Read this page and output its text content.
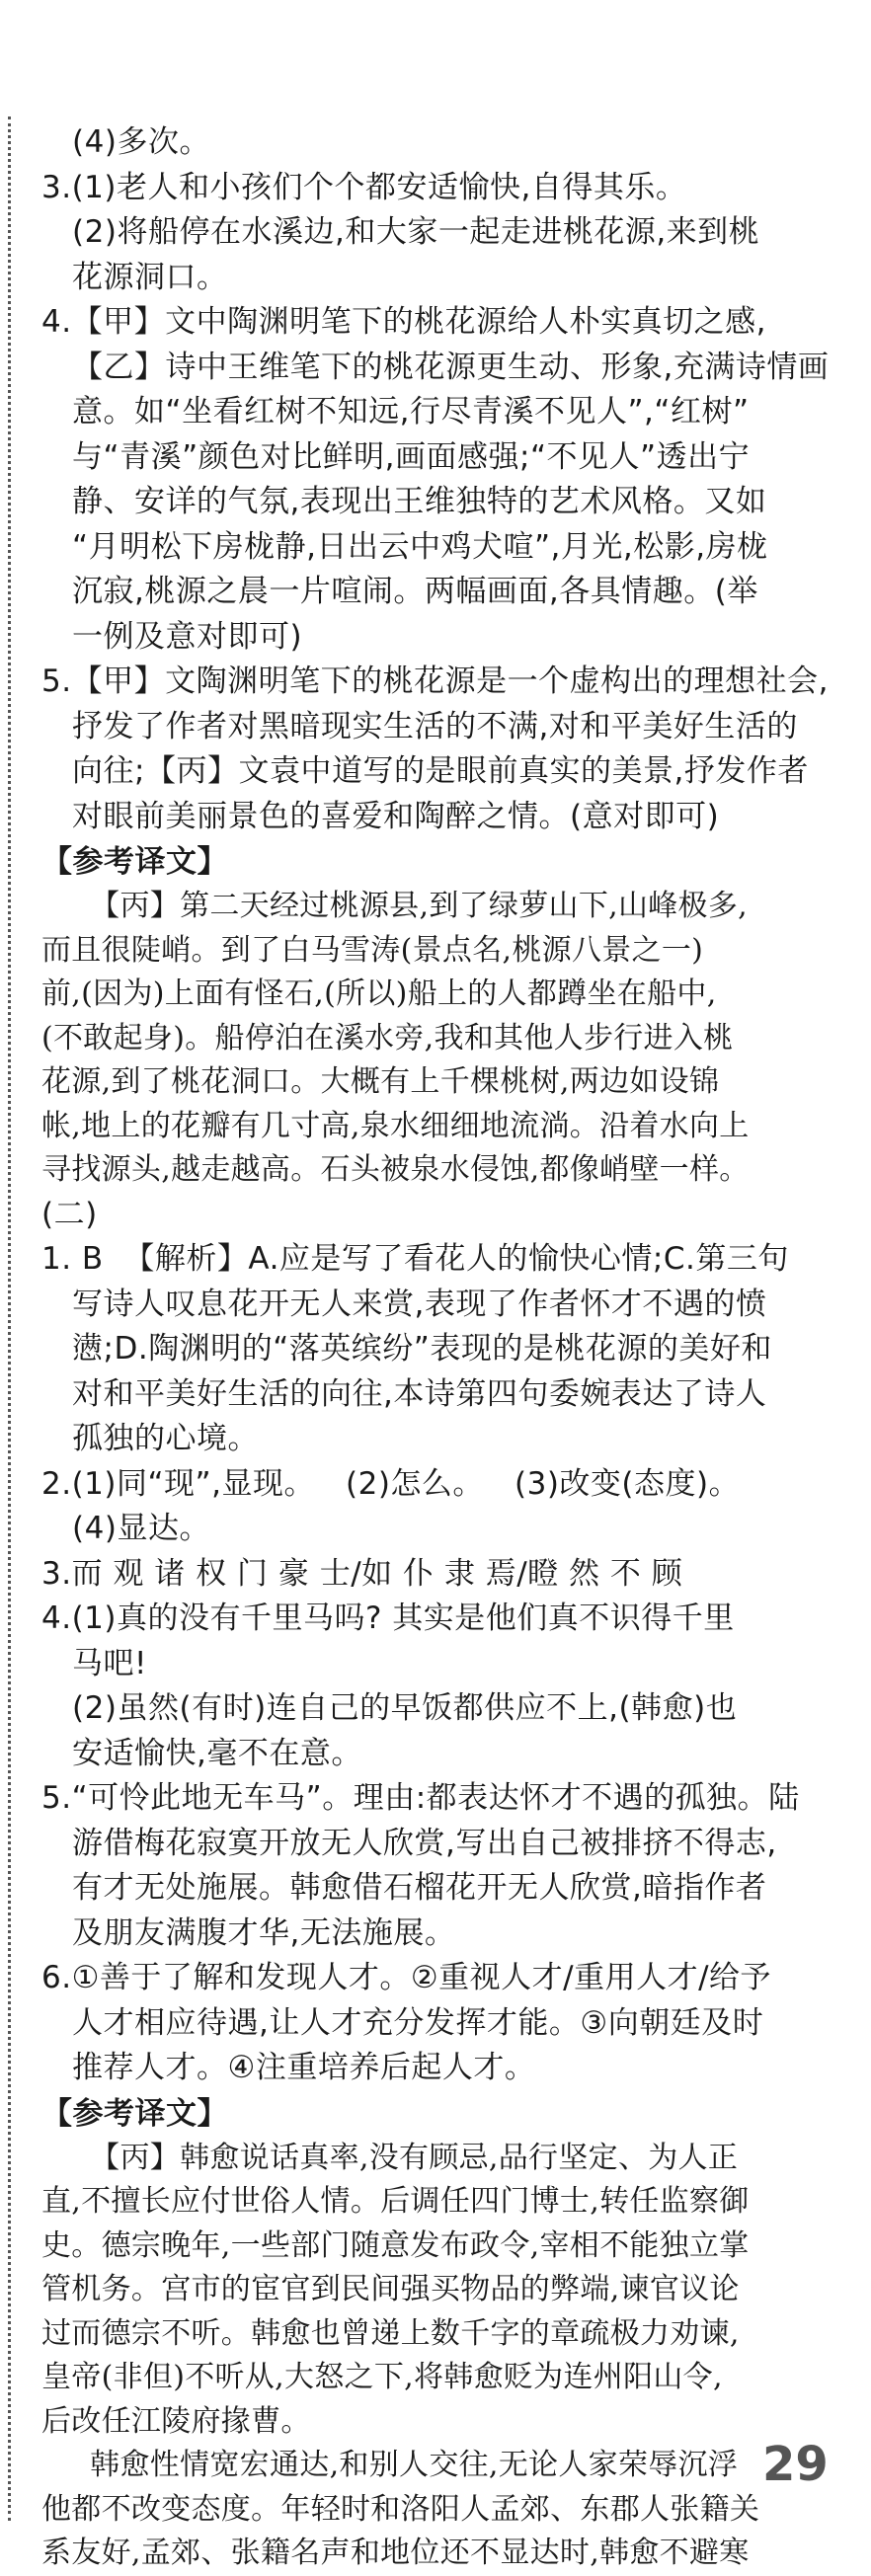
(4)多次。
3.(1)老人和小孩们个个都安适愉快,自得其乐。
(2)将船停在水溪边,和大家一起走进桃花源,来到桃
花源洞口。
4.【甲】文中陶渊明笔下的桃花源给人朴实真切之感,
【乙】诗中王维笔下的桃花源更生动、形象,充满诗情画
意。如“坐看红树不知远,行尽青溪不见人”,“红树”
与“青溪”颜色对比鲜明,画面感强;“不见人”透出宁
静、安详的气氛,表现出王维独特的艺术风格。又如
“月明松下房栊静,日出云中鸡犬喧”,月光,松影,房栊
沉寂,桃源之晨一片喧闹。两幅画面,各具情趣。(举
一例及意对即可)
5.【甲】文陶渊明笔下的桃花源是一个虚构出的理想社会,
抒发了作者对黑暗现实生活的不满,对和平美好生活的
向往;【丙】文袁中道写的是眼前真实的美景,抒发作者
对眼前美丽景色的喜爱和陶醉之情。(意对即可)
【参考译文】
【丙】第二天经过桃源县,到了绿萝山下,山峰极多,
而且很陡峭。到了白马雪涛(景点名,桃源八景之一)
前,(因为)上面有怪石,(所以)船上的人都蹲坐在船中,
(不敢起身)。船停泊在溪水旁,我和其他人步行进入桃
花源,到了桃花洞口。大概有上千棵桃树,两边如设锦
帐,地上的花瓣有几寸高,泉水细细地流淌。沿着水向上
寻找源头,越走越高。石头被泉水侵蚀,都像峭壁一样。
(二)
1. B  【解析】A.应是写了看花人的愉快心情;C.第三句
写诗人叹息花开无人来赏,表现了作者怀才不遇的愤
懑;D.陶渊明的“落英缤纷”表现的是桃花源的美好和
对和平美好生活的向往,本诗第四句委婉表达了诗人
孤独的心境。
2.(1)同“现”,显现。   (2)怎么。   (3)改变(态度)。
(4)显达。
3.而 观 诸 权 门 豪 士/如 仆 隶 焉/瞪 然 不 顾
4.(1)真的没有千里马吗? 其实是他们真不识得千里
马吧!
(2)虽然(有时)连自己的早饭都供应不上,(韩愈)也
安适愉快,毫不在意。
5.“可怜此地无车马”。理由:都表达怀才不遇的孤独。陆
游借梅花寂寞开放无人欣赏,写出自己被排挤不得志,
有才无处施展。韩愈借石榴花开无人欣赏,暗指作者
及朋友满腹才华,无法施展。
6.①善于了解和发现人才。②重视人才/重用人才/给予
人才相应待遇,让人才充分发挥才能。③向朝廷及时
推荐人才。④注重培养后起人才。
【参考译文】
【丙】韩愈说话真率,没有顾忌,品行坚定、为人正
直,不擅长应付世俗人情。后调任四门博士,转任监察御
史。德宗晚年,一些部门随意发布政令,宰相不能独立掌
管机务。宫市的宦官到民间强买物品的弊端,谏官议论
过而德宗不听。韩愈也曾递上数千字的章疏极力劝谏,
皇帝(非但)不听从,大怒之下,将韩愈贬为连州阳山令,
后改任江陵府掾曹。
韩愈性情宽宏通达,和别人交往,无论人家荣辱沉浮
他都不改变态度。年轻时和洛阳人孟郊、东郡人张籍关
系友好,孟郊、张籍名声和地位还不显达时,韩愈不避寒
29
